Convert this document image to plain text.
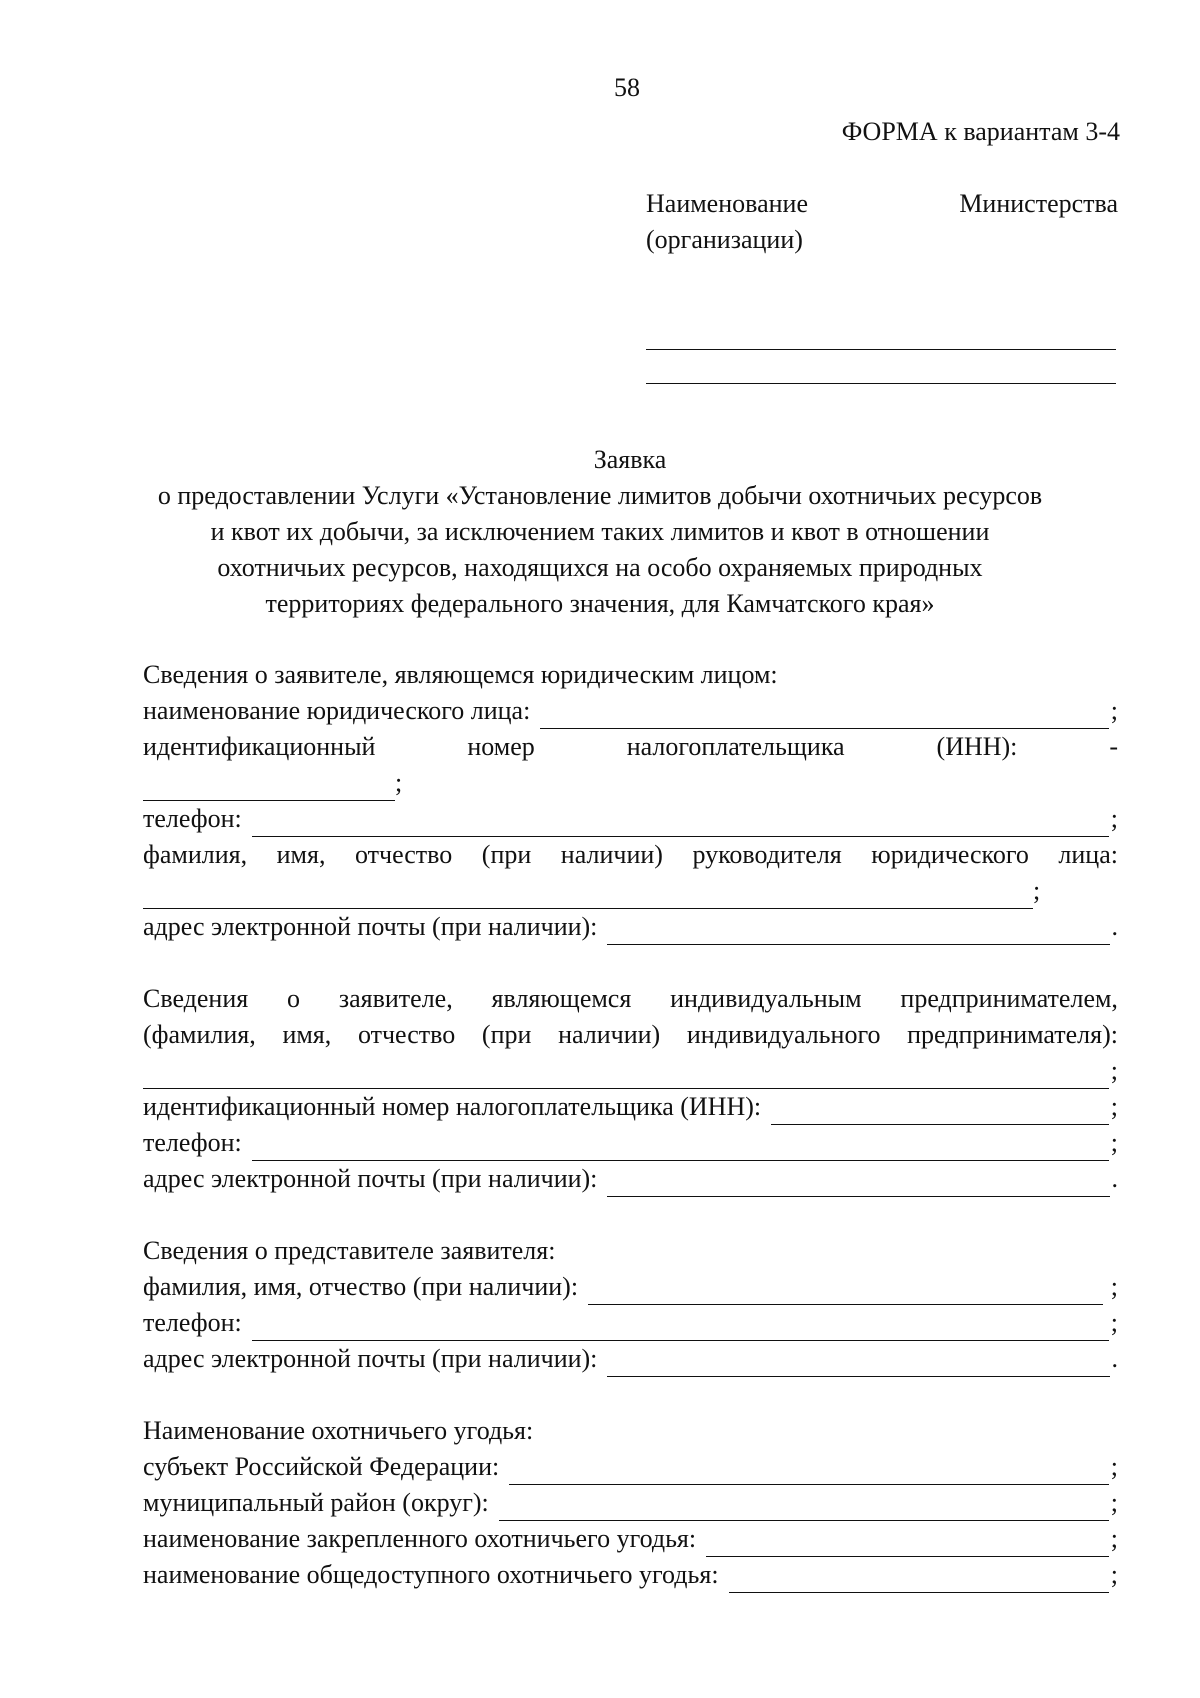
58
ФОРМА к вариантам 3-4
Наименование	Министерства
(организации)
Заявка
о предоставлении Услуги «Установление лимитов добычи охотничьих ресурсов
и квот их добычи, за исключением таких лимитов и квот в отношении
охотничьих ресурсов, находящихся на особо охраняемых природных
территориях федерального значения, для Камчатского края»
Сведения о заявителе, являющемся юридическим лицом:
наименование юридического лица:	;
идентификационный	номер	налогоплательщика	(ИНН):	-
;
телефон:	;
фамилия, имя, отчество (при наличии) руководителя юридического лица:
;
адрес электронной почты (при наличии):	.
Сведения о заявителе, являющемся индивидуальным предпринимателем,
(фамилия, имя, отчество (при наличии) индивидуального предпринимателя):
;
идентификационный номер налогоплательщика (ИНН):	;
телефон:	;
адрес электронной почты (при наличии):	.
Сведения о представителе заявителя:
фамилия, имя, отчество (при наличии):	;
телефон:	;
адрес электронной почты (при наличии):	.
Наименование охотничьего угодья:
субъект Российской Федерации:	;
муниципальный район (округ):	;
наименование закрепленного охотничьего угодья:	;
наименование общедоступного охотничьего угодья:	;
